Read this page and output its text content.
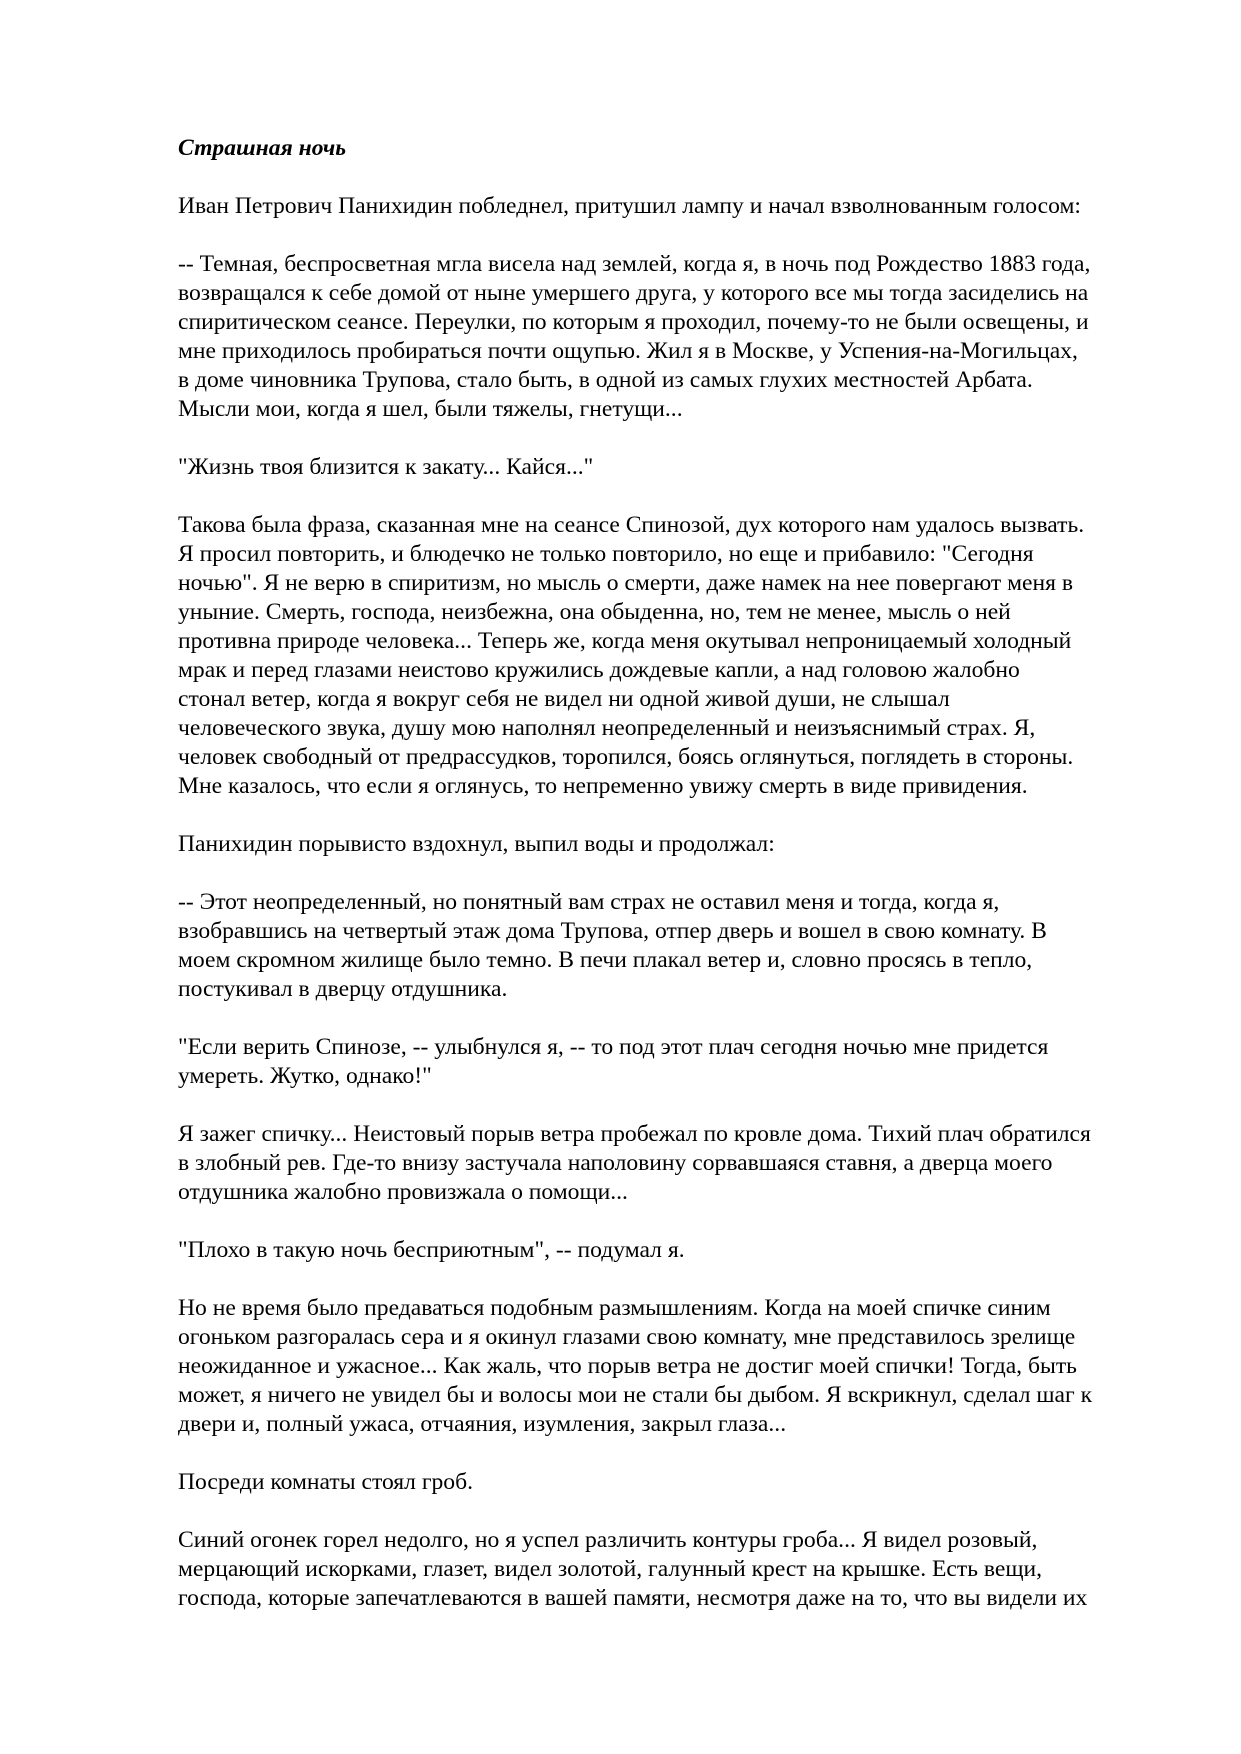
Страшная ночь
Иван Петрович Панихидин побледнел, притушил лампу и начал взволнованным голосом:
-- Темная, беспросветная мгла висела над землей, когда я, в ночь под Рождество 1883 года,
возвращался к себе домой от ныне умершего друга, у которого все мы тогда засиделись на
спиритическом сеансе. Переулки, по которым я проходил, почему-то не были освещены, и
мне приходилось пробираться почти ощупью. Жил я в Москве, у Успения-на-Могильцах,
в доме чиновника Трупова, стало быть, в одной из самых глухих местностей Арбата.
Мысли мои, когда я шел, были тяжелы, гнетущи...
"Жизнь твоя близится к закату... Кайся..."
Такова была фраза, сказанная мне на сеансе Спинозой, дух которого нам удалось вызвать.
Я просил повторить, и блюдечко не только повторило, но еще и прибавило: "Сегодня
ночью". Я не верю в спиритизм, но мысль о смерти, даже намек на нее повергают меня в
уныние. Смерть, господа, неизбежна, она обыденна, но, тем не менее, мысль о ней
противна природе человека... Теперь же, когда меня окутывал непроницаемый холодный
мрак и перед глазами неистово кружились дождевые капли, а над головою жалобно
стонал ветер, когда я вокруг себя не видел ни одной живой души, не слышал
человеческого звука, душу мою наполнял неопределенный и неизъяснимый страх. Я,
человек свободный от предрассудков, торопился, боясь оглянуться, поглядеть в стороны.
Мне казалось, что если я оглянусь, то непременно увижу смерть в виде привидения.
Панихидин порывисто вздохнул, выпил воды и продолжал:
-- Этот неопределенный, но понятный вам страх не оставил меня и тогда, когда я,
взобравшись на четвертый этаж дома Трупова, отпер дверь и вошел в свою комнату. В
моем скромном жилище было темно. В печи плакал ветер и, словно просясь в тепло,
постукивал в дверцу отдушника.
"Если верить Спинозе, -- улыбнулся я, -- то под этот плач сегодня ночью мне придется
умереть. Жутко, однако!"
Я зажег спичку... Неистовый порыв ветра пробежал по кровле дома. Тихий плач обратился
в злобный рев. Где-то внизу застучала наполовину сорвавшаяся ставня, а дверца моего
отдушника жалобно провизжала о помощи...
"Плохо в такую ночь бесприютным", -- подумал я.
Но не время было предаваться подобным размышлениям. Когда на моей спичке синим
огоньком разгоралась сера и я окинул глазами свою комнату, мне представилось зрелище
неожиданное и ужасное... Как жаль, что порыв ветра не достиг моей спички! Тогда, быть
может, я ничего не увидел бы и волосы мои не стали бы дыбом. Я вскрикнул, сделал шаг к
двери и, полный ужаса, отчаяния, изумления, закрыл глаза...
Посреди комнаты стоял гроб.
Синий огонек горел недолго, но я успел различить контуры гроба... Я видел розовый,
мерцающий искорками, глазет, видел золотой, галунный крест на крышке. Есть вещи,
господа, которые запечатлеваются в вашей памяти, несмотря даже на то, что вы видели их
